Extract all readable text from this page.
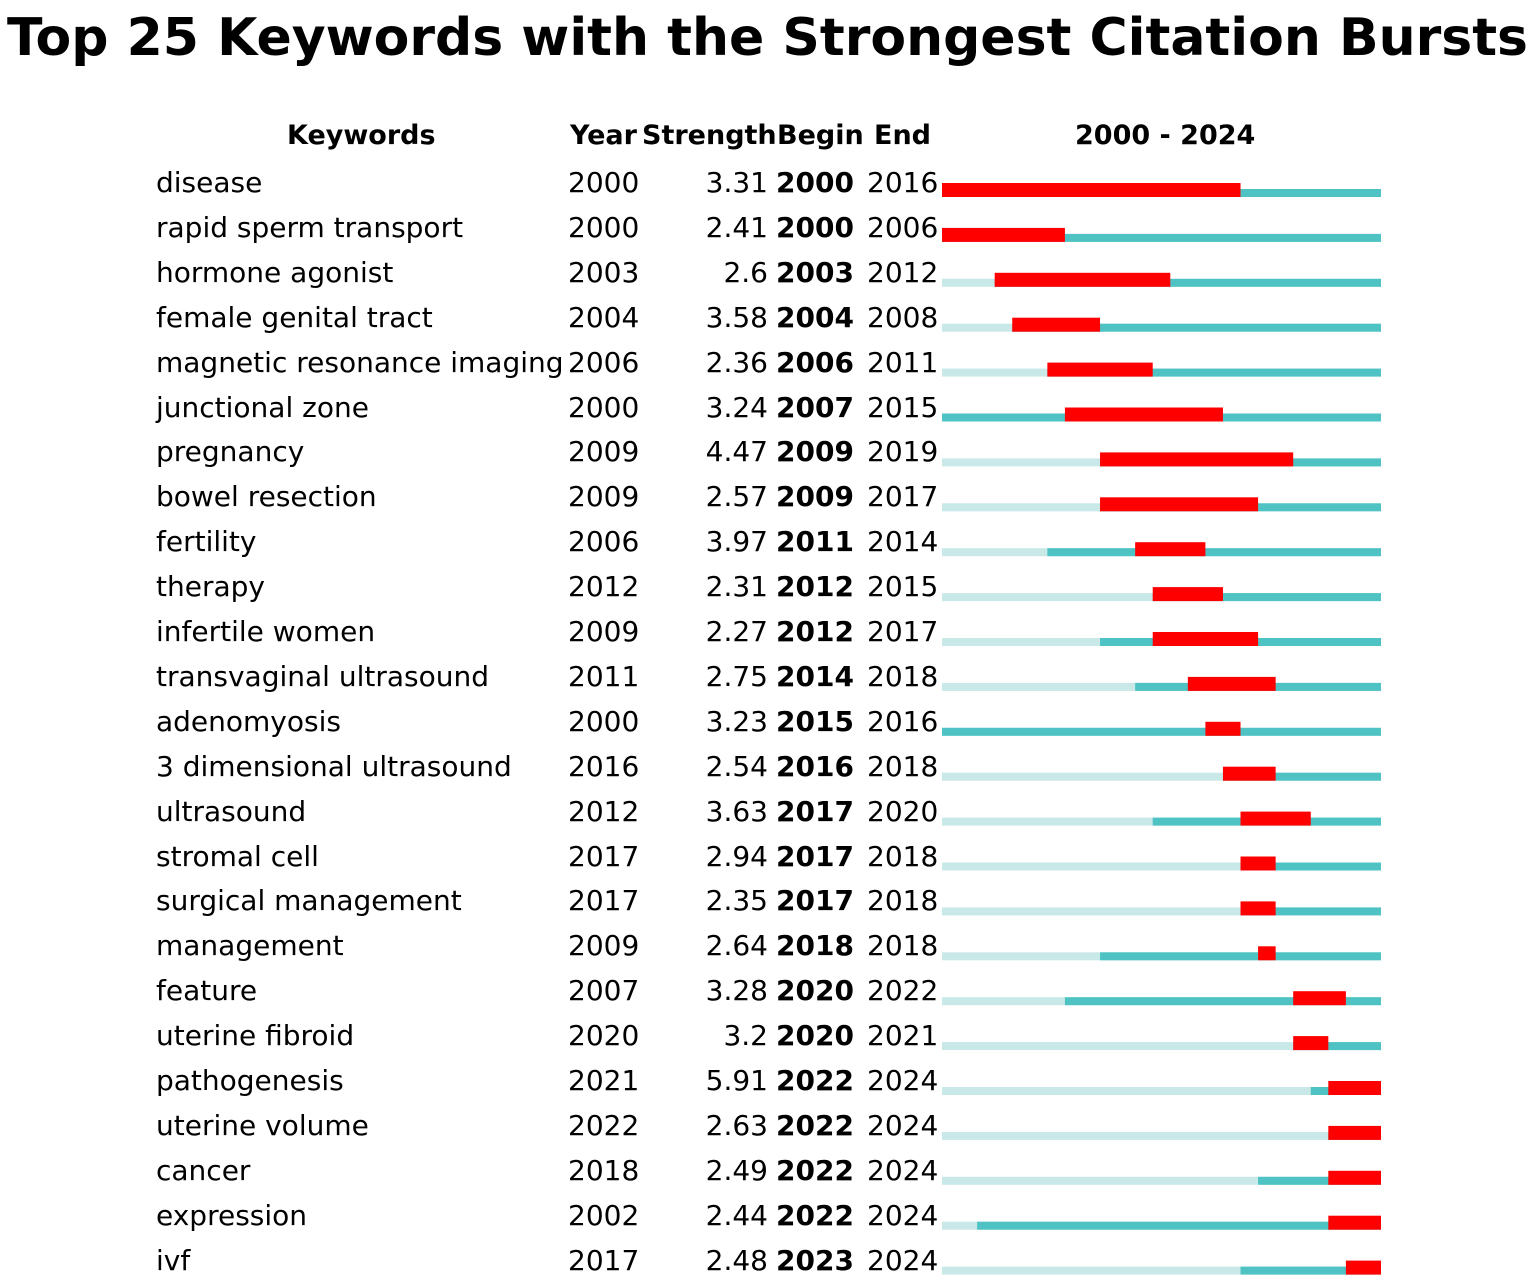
Top 25 Keywords with the Strongest Citation Bursts
Keywords	Year Strength Begin End	2000 - 2024
disease	2000	3.31 2000 2016
rapid sperm transport	2000	2.41 2000 2006
hormone agonist	2003	2.6 2003 2012
female genital tract	2004	3.58 2004 2008
magnetic resonance imaging 2006	2.36 2006 2011
junctional zone	2000	3.24 2007 2015
pregnancy	2009	4.47 2009 2019
bowel resection	2009	2.57 2009 2017
fertility	2006	3.97 2011 2014
therapy	2012	2.31 2012 2015
infertile women	2009	2.27 2012 2017
transvaginal ultrasound	2011	2.75 2014 2018
adenomyosis	2000	3.23 2015 2016
3 dimensional ultrasound 2016	2.54 2016 2018
ultrasound	2012	3.63 2017 2020
stromal cell	2017	2.94 2017 2018
surgical management	2017	2.35 2017 2018
management	2009	2.64 2018 2018
feature	2007	3.28 2020 2022
uterine fibroid	2020	3.2 2020 2021
pathogenesis	2021	5.91 2022 2024
uterine volume	2022	2.63 2022 2024
cancer	2018	2.49 2022 2024
expression	2002	2.44 2022 2024
ivf	2017	2.48 2023 2024
